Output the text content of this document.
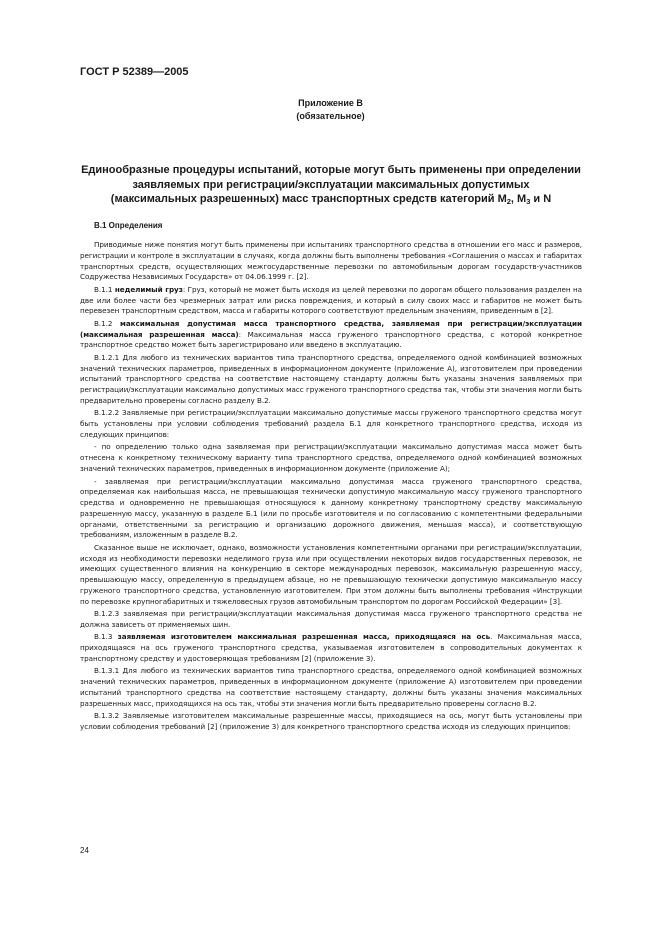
ГОСТ Р 52389—2005
Приложение В
(обязательное)
Единообразные процедуры испытаний, которые могут быть применены при определении
заявляемых при регистрации/эксплуатации максимальных допустимых
(максимальных разрешенных) масс транспортных средств категорий $М_2$, $М_3$ и N
В.1 Определения

Приводимые ниже понятия могут быть применены при испытаниях транспортного средства в отношении его масс и размеров, регистрации и контроле в эксплуатации в случаях, когда должны быть выполнены требования «Соглашения о массах и габаритах транспортных средств, осуществляющих межгосударственные перевозки по автомобильным дорогам государств-участников Содружества Независимых Государств» от 04.06.1999 г. [2].

В.1.1 неделимый груз: Груз, который не может быть исходя из целей перевозки по дорогам общего пользования разделен на две или более части без чрезмерных затрат или риска повреждения, и который в силу своих масс и габаритов не может быть перевезен транспортным средством, масса и габариты которого соответствуют предельным значениям, приведенным в [2].

В.1.2 максимальная допустимая масса транспортного средства, заявляемая при регистрации/эксплуатации (максимальная разрешенная масса): Максимальная масса груженого транспортного средства, с которой конкретное транспортное средство может быть зарегистрировано или введено в эксплуатацию.

В.1.2.1 Для любого из технических вариантов типа транспортного средства, определяемого одной комбинацией возможных значений технических параметров, приведенных в информационном документе (приложение А), изготовителем при проведении испытаний транспортного средства на соответствие настоящему стандарту должны быть указаны значения заявляемых при регистрации/эксплуатации максимально допустимых масс груженого транспортного средства так, чтобы эти значения могли быть предварительно проверены согласно разделу В.2.

В.1.2.2 Заявляемые при регистрации/эксплуатации максимально допустимые массы груженого транспортного средства могут быть установлены при условии соблюдения требований раздела Б.1 для конкретного транспортного средства, исходя из следующих принципов:

- по определению только одна заявляемая при регистрации/эксплуатации максимально допустимая масса может быть отнесена к конкретному техническому варианту типа транспортного средства, определяемого одной комбинацией возможных значений технических параметров, приведенных в информационном документе (приложение А);

- заявляемая при регистрации/эксплуатации максимально допустимая масса груженого транспортного средства, определяемая как наибольшая масса, не превышающая технически допустимую максимальную массу груженого транспортного средства и одновременно не превышающая относящуюся к данному конкретному транспортному средству максимальную разрешенную массу, указанную в разделе Б.1 (или по просьбе изготовителя и по согласованию с компетентными федеральными органами, ответственными за регистрацию и организацию дорожного движения, меньшая масса), и соответствующую требованиям, изложенным в разделе В.2.

Сказанное выше не исключает, однако, возможности установления компетентными органами при регистрации/эксплуатации, исходя из необходимости перевозки неделимого груза или при осуществлении некоторых видов государственных перевозок, не имеющих существенного влияния на конкуренцию в секторе международных перевозок, максимальную разрешенную массу, превышающую массу, определенную в предыдущем абзаце, но не превышающую технически допустимую максимальную массу груженого транспортного средства, установленную изготовителем. При этом должны быть выполнены требования «Инструкции по перевозке крупногабаритных и тяжеловесных грузов автомобильным транспортом по дорогам Российской Федерации» [3].

В.1.2.3 заявляемая при регистрации/эксплуатации максимальная допустимая масса груженого транспортного средства не должна зависеть от применяемых шин.

В.1.3 заявляемая изготовителем максимальная разрешенная масса, приходящаяся на ось. Максимальная масса, приходящаяся на ось груженого транспортного средства, указываемая изготовителем в сопроводительных документах к транспортному средству и удостоверяющая требованиям [2] (приложение 3).

В.1.3.1 Для любого из технических вариантов типа транспортного средства, определяемого одной комбинацией возможных значений технических параметров, приведенных в информационном документе (приложение А) изготовителем при проведении испытаний транспортного средства на соответствие настоящему стандарту, должны быть указаны значения максимальных разрешенных масс, приходящихся на ось так, чтобы эти значения могли быть предварительно проверены согласно В.2.

В.1.3.2 Заявляемые изготовителем максимальные разрешенные массы, приходящиеся на ось, могут быть установлены при условии соблюдения требований [2] (приложение 3) для конкретного транспортного средства исходя из следующих принципов:

24
